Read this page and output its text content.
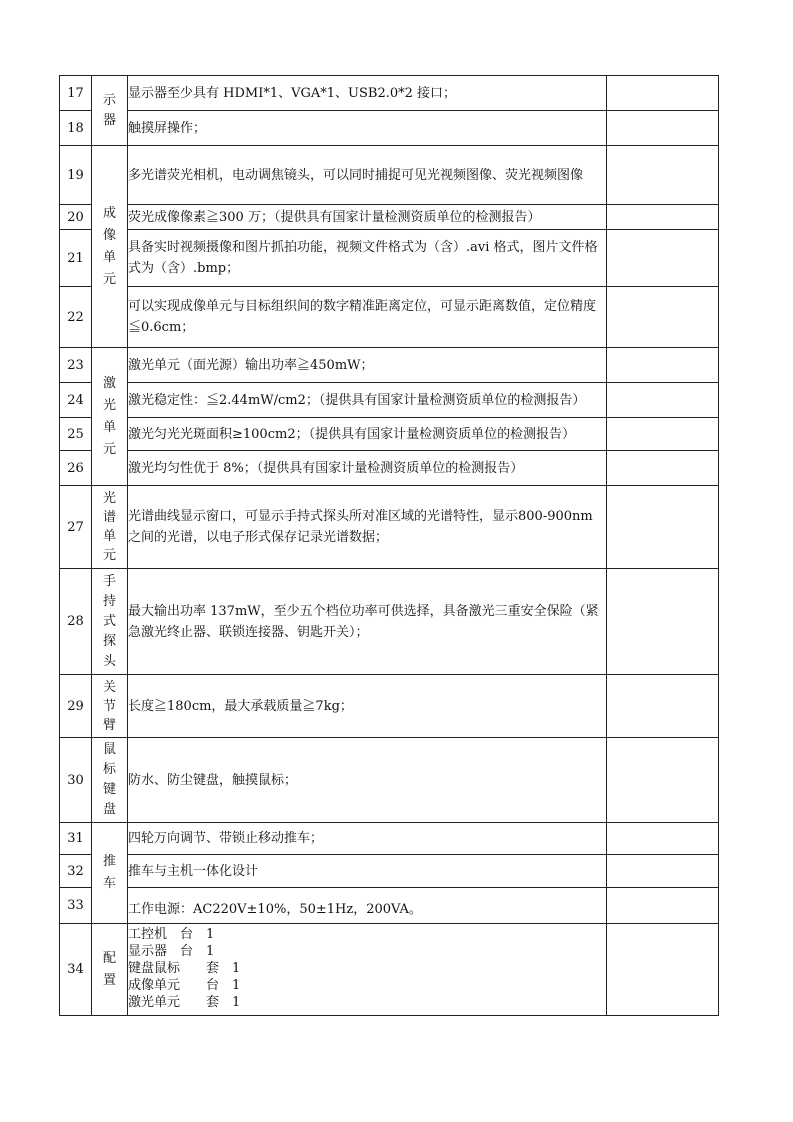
17	示器	显示器至少具有 HDMI*1、VGA*1、USB2.0*2 接口；	
18		触摸屏操作；	
19	成像单元	多光谱荧光相机，电动调焦镜头，可以同时捕捉可见光视频图像、荧光视频图像	
20		荧光成像像素≧300 万；（提供具有国家计量检测资质单位的检测报告）	
21		具备实时视频摄像和图片抓拍功能，视频文件格式为（含）.avi 格式，图片文件格式为（含）.bmp；	
22		可以实现成像单元与目标组织间的数字精准距离定位，可显示距离数值，定位精度≦0.6cm；	
23	激光单元	激光单元（面光源）输出功率≧450mW；	
24		激光稳定性：≦2.44mW/cm2；（提供具有国家计量检测资质单位的检测报告）	
25		激光匀光光斑面积≥100cm2；（提供具有国家计量检测资质单位的检测报告）	
26		激光均匀性优于 8%；（提供具有国家计量检测资质单位的检测报告）	
27	光谱单元	光谱曲线显示窗口，可显示手持式探头所对准区域的光谱特性，显示800-900nm 之间的光谱，以电子形式保存记录光谱数据；	
28	手持式探头	最大输出功率 137mW，至少五个档位功率可供选择，具备激光三重安全保险（紧急激光终止器、联锁连接器、钥匙开关）；	
29	关节臂	长度≧180cm，最大承载质量≧7kg；	
30	鼠标键盘	防水、防尘键盘，触摸鼠标；	
31	推车	四轮万向调节、带锁止移动推车；	
32		推车与主机一体化设计	
33		工作电源：AC220V±10%，50±1Hz，200VA。	
34	配置	工控机　台　1
显示器　台　1
键盘鼠标　　套　1
成像单元　　台　1
激光单元　　套　1	
